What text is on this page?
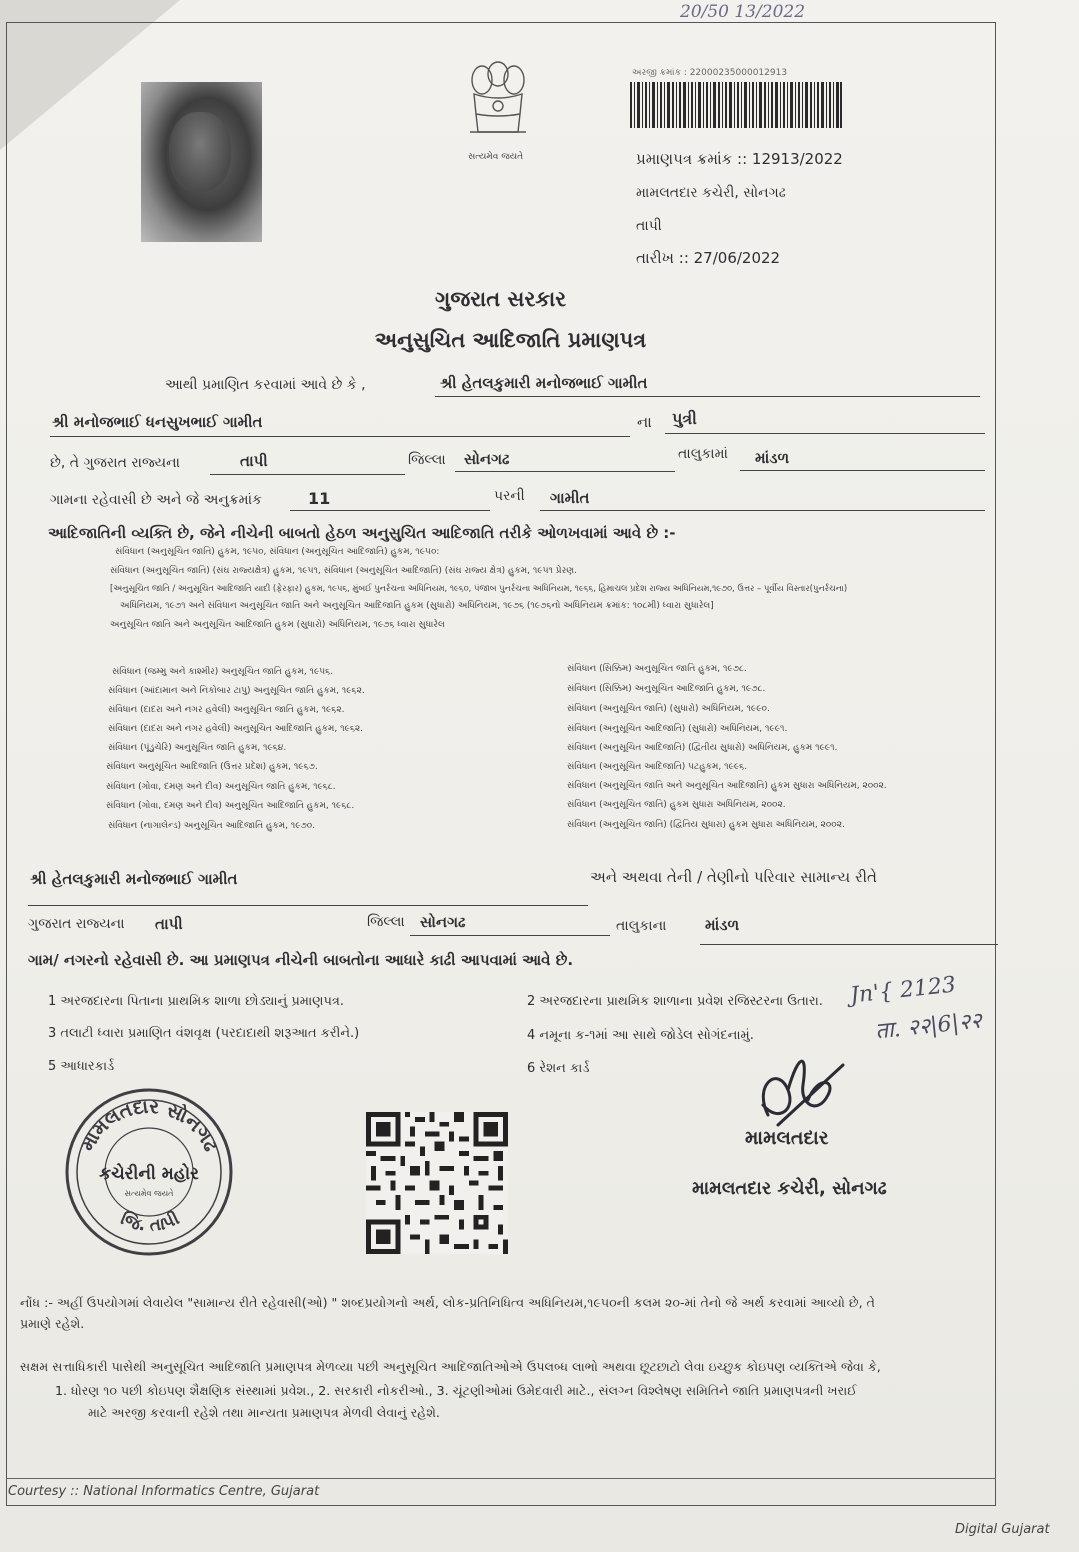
20/50 13/2022
સત્યમેવ જયતે
અરજી ક્રમાંક : 22000235000012913
પ્રમાણપત્ર ક્રમાંક :: 12913/2022
મામલતદાર કચેરી, સોનગઢ
તાપી
તારીખ :: 27/06/2022
ગુજરાત સરકાર
અનુસુચિત આદિજાતિ પ્રમાણપત્ર
આથી પ્રમાણિત કરવામાં આવે છે કે ,	શ્રી હેતલકુમારી મનોજભાઈ ગામીત
શ્રી મનોજભાઈ ધનસુખભાઈ ગામીત	ના પુત્રી
છે, તે ગુજરાત રાજ્યના	તાપી	જિલ્લા સોનગઢ	તાલુકામાં માંડળ
ગામના રહેવાસી છે અને જે અનુક્રમાંક	11	પરની ગામીત
આદિજાતિની વ્યક્તિ છે, જેને નીચેની બાબતો હેઠળ અનુસુચિત આદિજાતિ તરીકે ઓળખવામાં આવે છે :-
સંવિધાન (અનુસૂચિત જાતિ) હુકમ, ૧૯૫૦, સંવિધાન (અનુસૂચિત આદિજાતિ) હુકમ, ૧૯૫૦:
સંવિધાન (અનુસૂચિત જાતિ) (સંઘ રાજ્યક્ષેત્ર) હુકમ, ૧૯૫૧, સંવિધાન (અનુસૂચિત આદિજાતિ) (સંઘ રાજ્ય ક્ષેત્ર) હુકમ, ૧૯૫૧ પ્રેરણ.
[અનુસૂચિત જાતિ / અનુસૂચિત આદિજાતિ યાદી (ફેરફાર) હુકમ, ૧૯૫૬, મુંબઈ પુનર્રચના અધિનિયમ, ૧૯૬૦, પંજાબ પુનર્રચના અધિનિયમ, ૧૯૬૬, હિમાચલ પ્રદેશ રાજ્ય અધિનિયમ,૧૯૭૦, ઉત્તર – પૂર્વીય વિસ્તાર(પુનર્રચના)
અધિનિયમ, ૧૯૭૧ અને સંવિધાન અનુસૂચિત જાતિ અને અનુસૂચિત આદિજાતિ હુકમ (સુધારો) અધિનિયમ, ૧૯૭૬ (૧૯૭૬નો અધિનિયમ ક્રમાંક: ૧૦૮મી) ધ્વારા સુધારેલ]
અનુસૂચિત જાતિ અને અનુસૂચિત આદિજાતિ હુકમ (સુધારો) અધિનિયમ, ૧૯૭૬ ધ્વારા સુધારેલ
સંવિધાન (જમ્મુ અને કાશ્મીર) અનુસૂચિત જાતિ હુકમ, ૧૯૫૬.
સંવિધાન (આંદામાન અને નિકોબાર ટાપુ) અનુસૂચિત જાતિ હુકમ, ૧૯૬૨.
સંવિધાન (દાદરા અને નગર હવેલી) અનુસૂચિત જાતિ હુકમ, ૧૯૬૨.
સંવિધાન (દાદરા અને નગર હવેલી) અનુસૂચિત આદિજાતિ હુકમ, ૧૯૬૨.
સંવિધાન (પૂંડુચેરિ) અનુસૂચિત જાતિ હુકમ, ૧૯૬૪.
સંવિધાન અનુસૂચિત આદિજાતિ (ઉત્તર પ્રદેશ) હુકમ, ૧૯૬૭.
સંવિધાન (ગોવા, દમણ અને દીવ) અનુસૂચિત જાતિ હુકમ, ૧૯૬૮.
સંવિધાન (ગોવા, દમણ અને દીવ) અનુસૂચિત આદિજાતિ હુકમ, ૧૯૬૮.
સંવિધાન (નાગાલેન્ડ) અનુસૂચિત આદિજાતિ હુકમ, ૧૯૭૦.
સંવિધાન (સિક્કિમ) અનુસૂચિત જાતિ હુકમ, ૧૯૭૮.
સંવિધાન (સિક્કિમ) અનુસૂચિત આદિજાતિ હુકમ, ૧૯૭૮.
સંવિધાન (અનુસૂચિત જાતિ) (સુધારો) અધિનિયમ, ૧૯૯૦.
સંવિધાન (અનુસૂચિત આદિજાતિ) (સુધારો) અધિનિયમ, ૧૯૯૧.
સંવિધાન (અનુસૂચિત આદિજાતિ) (દ્વિતીય સુધારો) અધિનિયમ, હુકમ ૧૯૯૧.
સંવિધાન (અનુસૂચિત આદિજાતિ) પટહુકમ, ૧૯૯૬.
સંવિધાન (અનુસૂચિત જાતિ અને અનુસૂચિત આદિજાતિ) હુકમ સુધારા અધિનિયમ, ૨૦૦૨.
સંવિધાન (અનુસૂચિત જાતિ) હુકમ સુધારા અધિનિયમ, ૨૦૦૨.
સંવિધાન (અનુસૂચિત જાતિ) (દ્વિતિય સુધારા) હુકમ સુધારા અધિનિયમ, ૨૦૦૨.
શ્રી હેતલકુમારી મનોજભાઈ ગામીત	અને અથવા તેની / તેણીનો પરિવાર સામાન્ય રીતે
ગુજરાત રાજ્યના તાપી	જિલ્લા સોનગઢ	તાલુકાના	માંડળ
ગામ/ નગરનો રહેવાસી છે. આ પ્રમાણપત્ર નીચેની બાબતોના આધારે કાઢી આપવામાં આવે છે.
1 અરજદારના પિતાના પ્રાથમિક શાળા છોડ્યાનું પ્રમાણપત્ર.	2 અરજદારના પ્રાથમિક શાળાના પ્રવેશ રજિસ્ટરના ઉતારા.
3 તલાટી ધ્વારા પ્રમાણિત વંશવૃક્ષ (પરદાદાથી શરૂઆત કરીને.)	4 નમૂના ક-૧માં આ સાથે જોડેલ સોગંદનામું.
5 આધારકાર્ડ	6 રેશન કાર્ડ
Jn'{ 2123
ता. २२|6|२२
મામલતદાર સોનગઢ
કચેરીની મહોર
સત્યમેવ જયતે
જિ. તાપી
મામલતદાર
મામલતદાર કચેરી, સોનગઢ
નોંધ :- અહીં ઉપયોગમાં લેવાયેલ "સામાન્ય રીતે રહેવાસી(ઓ) " શબ્દપ્રયોગનો અર્થ, લોક-પ્રતિનિધિત્વ અધિનિયમ,૧૯૫૦ની કલમ ૨૦-માં તેનો જે અર્થ કરવામાં આવ્યો છે, તે
પ્રમાણે રહેશે.
સક્ષમ સત્તાધિકારી પાસેથી અનુસૂચિત આદિજાતિ પ્રમાણપત્ર મેળવ્યા પછી અનુસૂચિત આદિજાતિઓએ ઉપલબ્ધ લાભો અથવા છૂટછાટો લેવા ઇચ્છુક કોઇપણ વ્યક્તિએ જેવા કે,
1. ધોરણ ૧૦ પછી કોઇપણ શૈક્ષણિક સંસ્થામાં પ્રવેશ., 2. સરકારી નોકરીઓ., 3. ચૂંટણીઓમાં ઉમેદવારી માટે., સંલગ્ન વિશ્લેષણ સમિતિને જાતિ પ્રમાણપત્રની ખરાઈ
માટે અરજી કરવાની રહેશે તથા માન્યતા પ્રમાણપત્ર મેળવી લેવાનું રહેશે.
Courtesy :: National Informatics Centre, Gujarat
Digital Gujarat
